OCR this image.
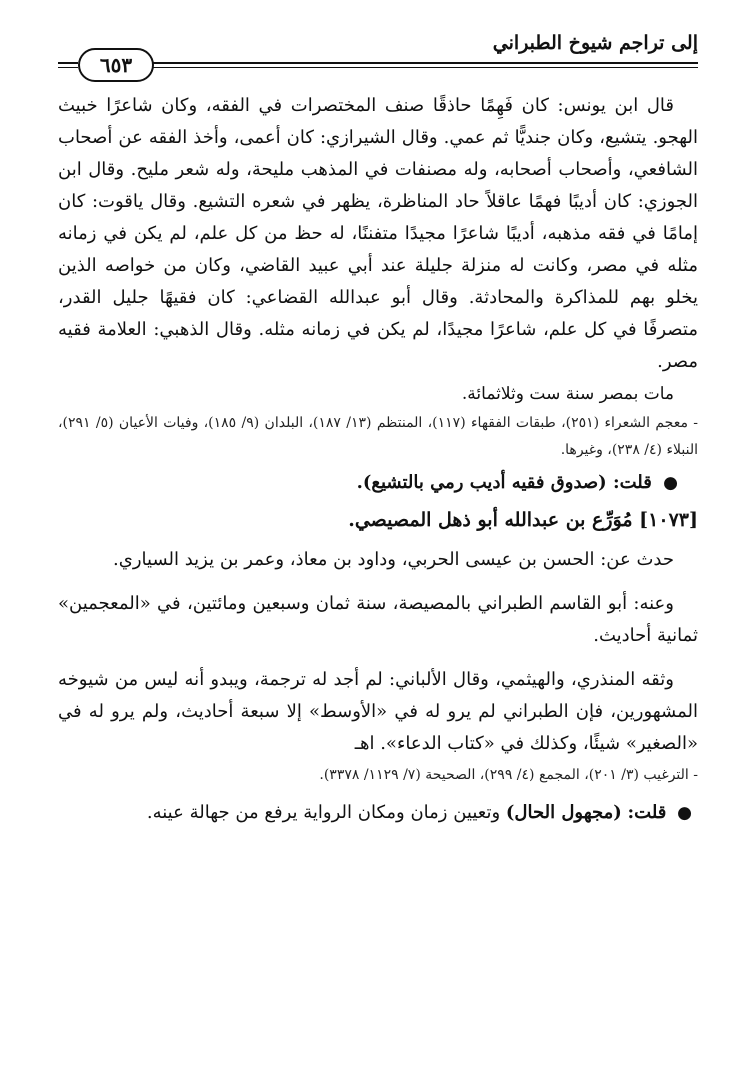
إلى تراجم شيوخ الطبراني
٦٥٣

قال ابن يونس: كان فَهِمًا حاذقًا صنف المختصرات في الفقه، وكان شاعرًا خبيث الهجو. يتشيع، وكان جنديًّا ثم عمي. وقال الشيرازي: كان أعمى، وأخذ الفقه عن أصحاب الشافعي، وأصحاب أصحابه، وله مصنفات في المذهب مليحة، وله شعر مليح. وقال ابن الجوزي: كان أديبًا فهمًا عاقلاً حاد المناظرة، يظهر في شعره التشيع. وقال ياقوت: كان إمامًا في فقه مذهبه، أديبًا شاعرًا مجيدًا متفننًا، له حظ من كل علم، لم يكن في زمانه مثله في مصر، وكانت له منزلة جليلة عند أبي عبيد القاضي، وكان من خواصه الذين يخلو بهم للمذاكرة والمحادثة. وقال أبو عبدالله القضاعي: كان فقيهًا جليل القدر، متصرفًا في كل علم، شاعرًا مجيدًا، لم يكن في زمانه مثله. وقال الذهبي: العلامة فقيه مصر.

مات بمصر سنة ست وثلاثمائة.

- معجم الشعراء (٢٥١)، طبقات الفقهاء (١١٧)، المنتظم (١٣/ ١٨٧)، البلدان (٩/ ١٨٥)، وفيات الأعيان (٥/ ٢٩١)، النبلاء (٤/ ٢٣٨)، وغيرها.

● قلت: (صدوق فقيه أديب رمي بالتشيع).
[١٠٧٣] مُوَرِّع بن عبدالله أبو ذهل المصيصي.

حدث عن: الحسن بن عيسى الحربي، وداود بن معاذ، وعمر بن يزيد السياري.

وعنه: أبو القاسم الطبراني بالمصيصة، سنة ثمان وسبعين ومائتين، في «المعجمين» ثمانية أحاديث.

وثقه المنذري، والهيثمي، وقال الألباني: لم أجد له ترجمة، ويبدو أنه ليس من شيوخه المشهورين، فإن الطبراني لم يرو له في «الأوسط» إلا سبعة أحاديث، ولم يرو له في «الصغير» شيئًا، وكذلك في «كتاب الدعاء». اهـ

- الترغيب (٣/ ٢٠١)، المجمع (٤/ ٢٩٩)، الصحيحة (٧/ ١١٢٩/ ٣٣٧٨).

● قلت: (مجهول الحال) وتعيين زمان ومكان الرواية يرفع من جهالة عينه.
